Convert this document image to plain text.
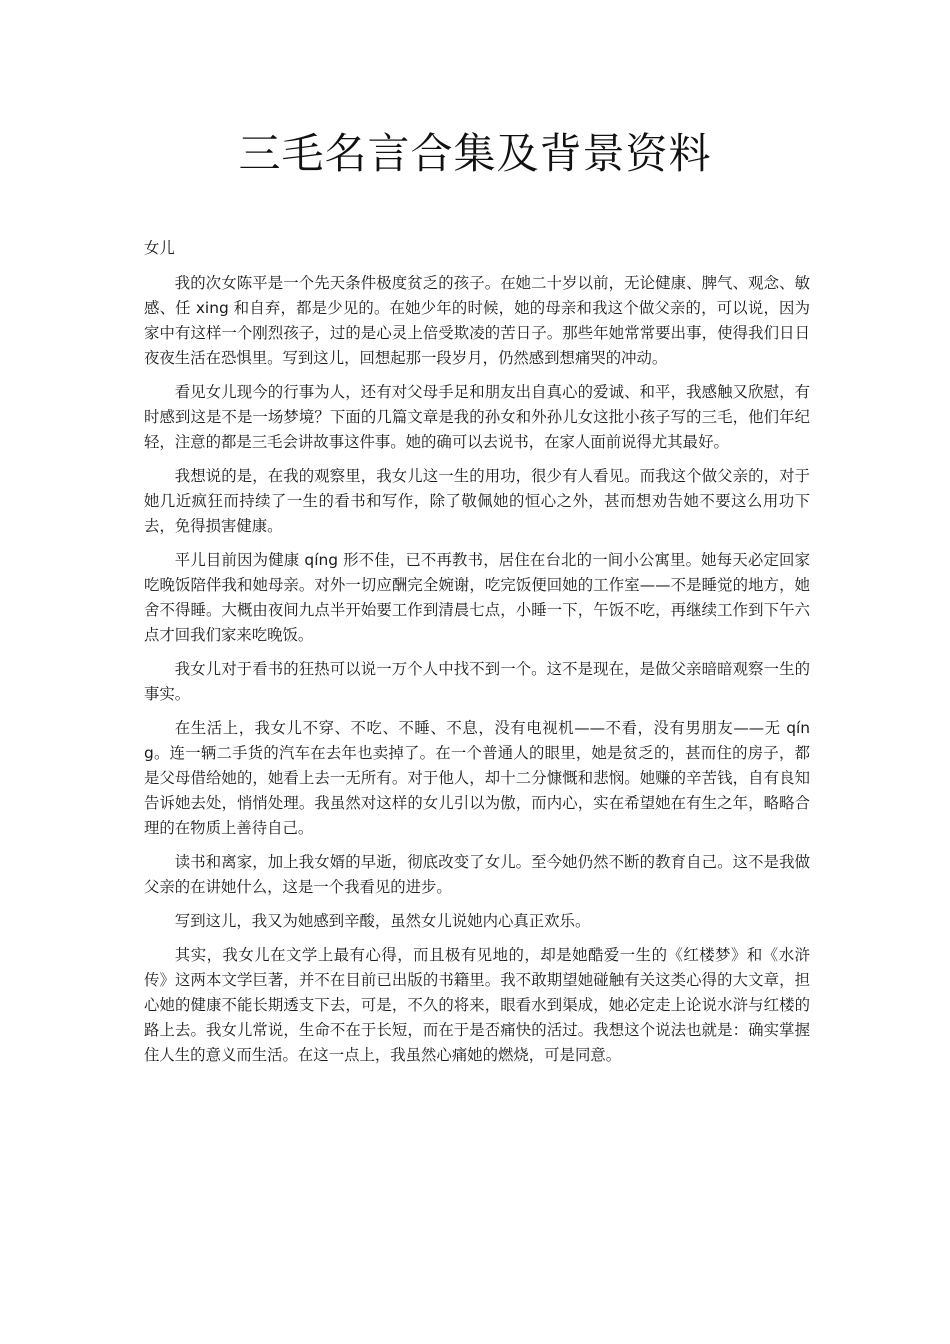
三毛名言合集及背景资料
女儿

我的次女陈平是一个先天条件极度贫乏的孩子。在她二十岁以前，无论健康、脾气、观念、敏感、任 xing 和自弃，都是少见的。在她少年的时候，她的母亲和我这个做父亲的，可以说，因为家中有这样一个刚烈孩子，过的是心灵上倍受欺凌的苦日子。那些年她常常要出事，使得我们日日夜夜生活在恐惧里。写到这儿，回想起那一段岁月，仍然感到想痛哭的冲动。

看见女儿现今的行事为人，还有对父母手足和朋友出自真心的爱诚、和平，我感触又欣慰，有时感到这是不是一场梦境？下面的几篇文章是我的孙女和外孙儿女这批小孩子写的三毛，他们年纪轻，注意的都是三毛会讲故事这件事。她的确可以去说书，在家人面前说得尤其最好。

我想说的是，在我的观察里，我女儿这一生的用功，很少有人看见。而我这个做父亲的，对于她几近疯狂而持续了一生的看书和写作，除了敬佩她的恒心之外，甚而想劝告她不要这么用功下去，免得损害健康。

平儿目前因为健康 qíng 形不佳，已不再教书，居住在台北的一间小公寓里。她每天必定回家吃晚饭陪伴我和她母亲。对外一切应酬完全婉谢，吃完饭便回她的工作室——不是睡觉的地方，她舍不得睡。大概由夜间九点半开始要工作到清晨七点，小睡一下，午饭不吃，再继续工作到下午六点才回我们家来吃晚饭。

我女儿对于看书的狂热可以说一万个人中找不到一个。这不是现在，是做父亲暗暗观察一生的事实。

在生活上，我女儿不穿、不吃、不睡、不息，没有电视机——不看，没有男朋友——无 qíng。连一辆二手货的汽车在去年也卖掉了。在一个普通人的眼里，她是贫乏的，甚而住的房子，都是父母借给她的，她看上去一无所有。对于他人，却十二分慷慨和悲悯。她赚的辛苦钱，自有良知告诉她去处，悄悄处理。我虽然对这样的女儿引以为傲，而内心，实在希望她在有生之年，略略合理的在物质上善待自己。

读书和离家，加上我女婿的早逝，彻底改变了女儿。至今她仍然不断的教育自己。这不是我做父亲的在讲她什么，这是一个我看见的进步。

写到这儿，我又为她感到辛酸，虽然女儿说她内心真正欢乐。

其实，我女儿在文学上最有心得，而且极有见地的，却是她酷爱一生的《红楼梦》和《水浒传》这两本文学巨著，并不在目前已出版的书籍里。我不敢期望她碰触有关这类心得的大文章，担心她的健康不能长期透支下去，可是，不久的将来，眼看水到渠成，她必定走上论说水浒与红楼的路上去。我女儿常说，生命不在于长短，而在于是否痛快的活过。我想这个说法也就是：确实掌握住人生的意义而生活。在这一点上，我虽然心痛她的燃烧，可是同意。
